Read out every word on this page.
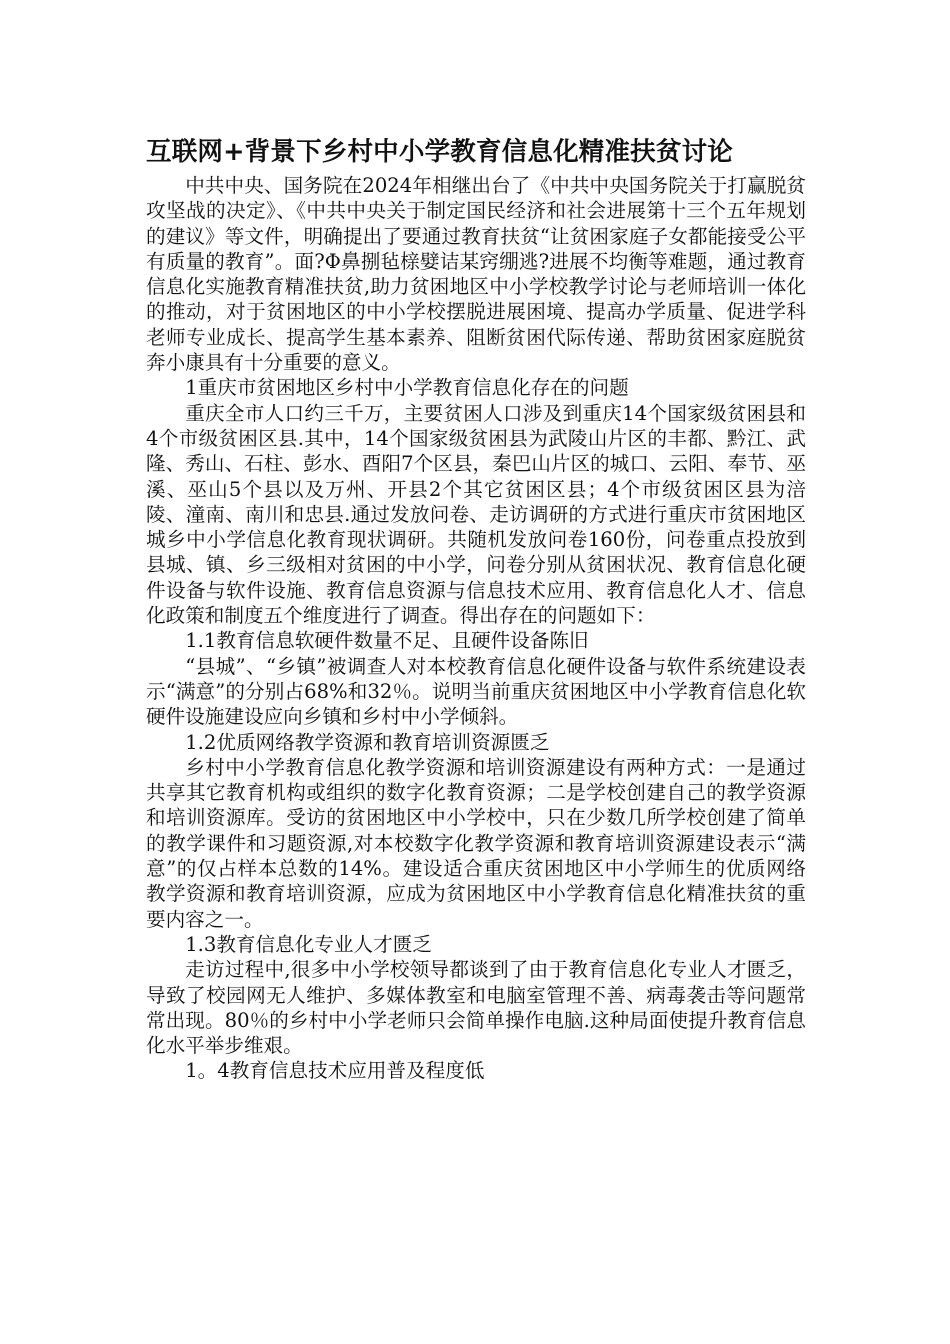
互联网+背景下乡村中小学教育信息化精准扶贫讨论

中共中央、国务院在2024年相继出台了《中共中央国务院关于打赢脱贫攻坚战的决定》、《中共中央关于制定国民经济和社会进展第十三个五年规划的建议》等文件，明确提出了要通过教育扶贫“让贫困家庭子女都能接受公平有质量的教育”。面?Φ鼻捌毡榇嬖诘某窍绷逃?进展不均衡等难题，通过教育信息化实施教育精准扶贫,助力贫困地区中小学校教学讨论与老师培训一体化的推动，对于贫困地区的中小学校摆脱进展困境、提高办学质量、促进学科老师专业成长、提高学生基本素养、阻断贫困代际传递、帮助贫困家庭脱贫奔小康具有十分重要的意义。

1重庆市贫困地区乡村中小学教育信息化存在的问题

重庆全市人口约三千万，主要贫困人口涉及到重庆14个国家级贫困县和4个市级贫困区县.其中，14个国家级贫困县为武陵山片区的丰都、黔江、武隆、秀山、石柱、彭水、酉阳7个区县，秦巴山片区的城口、云阳、奉节、巫溪、巫山5个县以及万州、开县2个其它贫困区县；4个市级贫困区县为涪陵、潼南、南川和忠县.通过发放问卷、走访调研的方式进行重庆市贫困地区城乡中小学信息化教育现状调研。共随机发放问卷160份，问卷重点投放到县城、镇、乡三级相对贫困的中小学，问卷分别从贫困状况、教育信息化硬件设备与软件设施、教育信息资源与信息技术应用、教育信息化人才、信息化政策和制度五个维度进行了调查。得出存在的问题如下：

1.1教育信息软硬件数量不足、且硬件设备陈旧

“县城”、“乡镇”被调查人对本校教育信息化硬件设备与软件系统建设表示“满意”的分别占68%和32％。说明当前重庆贫困地区中小学教育信息化软硬件设施建设应向乡镇和乡村中小学倾斜。

1.2优质网络教学资源和教育培训资源匮乏

乡村中小学教育信息化教学资源和培训资源建设有两种方式：一是通过共享其它教育机构或组织的数字化教育资源；二是学校创建自己的教学资源和培训资源库。受访的贫困地区中小学校中，只在少数几所学校创建了简单的教学课件和习题资源,对本校数字化教学资源和教育培训资源建设表示“满意”的仅占样本总数的14%。建设适合重庆贫困地区中小学师生的优质网络教学资源和教育培训资源，应成为贫困地区中小学教育信息化精准扶贫的重要内容之一。

1.3教育信息化专业人才匮乏

走访过程中,很多中小学校领导都谈到了由于教育信息化专业人才匮乏，导致了校园网无人维护、多媒体教室和电脑室管理不善、病毒袭击等问题常常出现。80％的乡村中小学老师只会简单操作电脑.这种局面使提升教育信息化水平举步维艰。

1。4教育信息技术应用普及程度低
